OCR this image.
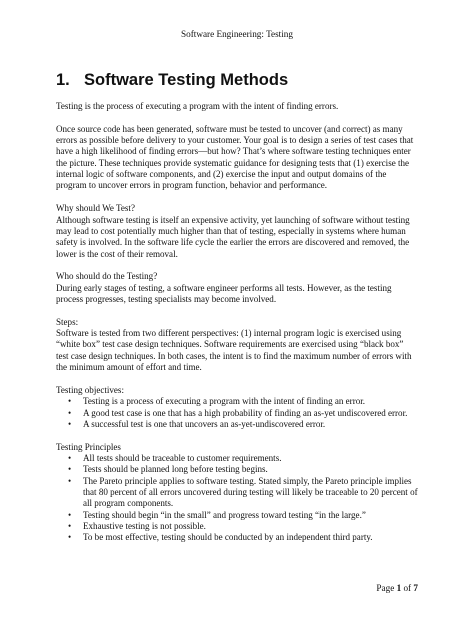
Software Engineering: Testing
1. Software Testing Methods

Testing is the process of executing a program with the intent of finding errors.

Once source code has been generated, software must be tested to uncover (and correct) as many errors as possible before delivery to your customer. Your goal is to design a series of test cases that have a high likelihood of finding errors—but how? That’s where software testing techniques enter the picture. These techniques provide systematic guidance for designing tests that (1) exercise the internal logic of software components, and (2) exercise the input and output domains of the program to uncover errors in program function, behavior and performance.

Why should We Test?

Although software testing is itself an expensive activity, yet launching of software without testing may lead to cost potentially much higher than that of testing, especially in systems where human safety is involved. In the software life cycle the earlier the errors are discovered and removed, the lower is the cost of their removal.

Who should do the Testing?

During early stages of testing, a software engineer performs all tests. However, as the testing process progresses, testing specialists may become involved.

Steps:

Software is tested from two different perspectives: (1) internal program logic is exercised using “white box” test case design techniques. Software requirements are exercised using “black box” test case design techniques. In both cases, the intent is to find the maximum number of errors with the minimum amount of effort and time.

Testing objectives:

• Testing is a process of executing a program with the intent of finding an error.
• A good test case is one that has a high probability of finding an as-yet undiscovered error.
• A successful test is one that uncovers an as-yet-undiscovered error.

Testing Principles

• All tests should be traceable to customer requirements.
• Tests should be planned long before testing begins.
• The Pareto principle applies to software testing. Stated simply, the Pareto principle implies that 80 percent of all errors uncovered during testing will likely be traceable to 20 percent of all program components.
• Testing should begin “in the small” and progress toward testing “in the large.”
• Exhaustive testing is not possible.
• To be most effective, testing should be conducted by an independent third party.
Page 1 of 7
